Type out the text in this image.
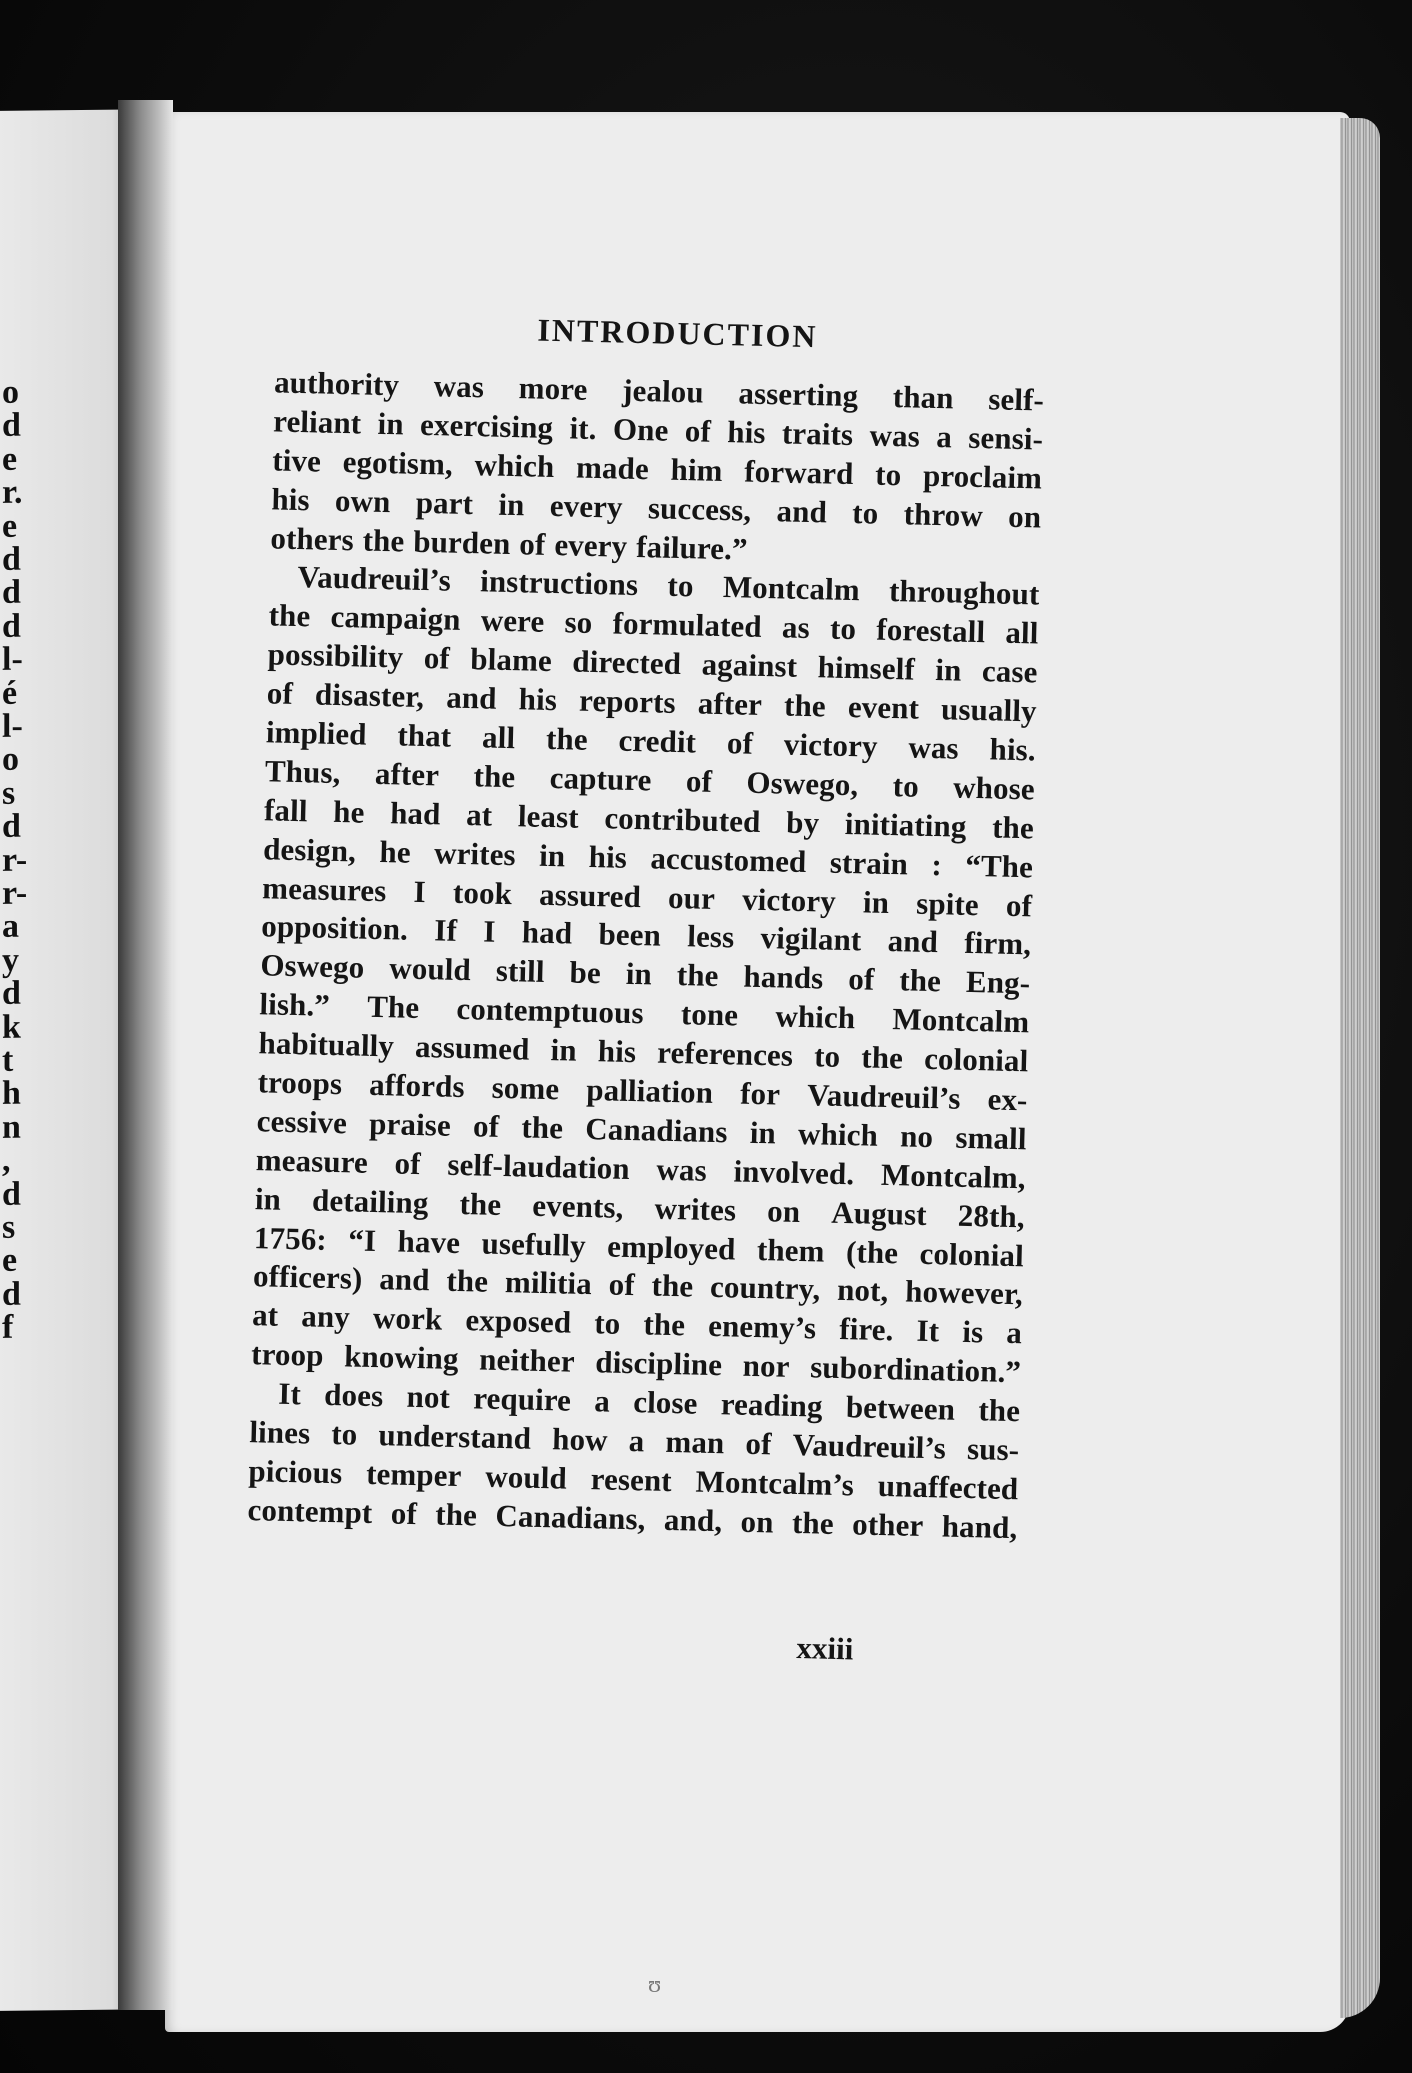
o
d
e
r.
e
d
d
d
l-
é
l-
o
s
d
r-
r-
a
y
d
k
t
h
n
,
d
s
e
d
f
INTRODUCTION
authority was more jealou asserting than self-
reliant in exercising it. One of his traits was a sensi-
tive egotism, which made him forward to proclaim
his own part in every success, and to throw on
others the burden of every failure.”
Vaudreuil’s instructions to Montcalm throughout
the campaign were so formulated as to forestall all
possibility of blame directed against himself in case
of disaster, and his reports after the event usually
implied that all the credit of victory was his.
Thus, after the capture of Oswego, to whose
fall he had at least contributed by initiating the
design, he writes in his accustomed strain : “The
measures I took assured our victory in spite of
opposition. If I had been less vigilant and firm,
Oswego would still be in the hands of the Eng-
lish.” The contemptuous tone which Montcalm
habitually assumed in his references to the colonial
troops affords some palliation for Vaudreuil’s ex-
cessive praise of the Canadians in which no small
measure of self-laudation was involved. Montcalm,
in detailing the events, writes on August 28th,
1756: “I have usefully employed them (the colonial
officers) and the militia of the country, not, however,
at any work exposed to the enemy’s fire. It is a
troop knowing neither discipline nor subordination.”
It does not require a close reading between the
lines to understand how a man of Vaudreuil’s sus-
picious temper would resent Montcalm’s unaffected
contempt of the Canadians, and, on the other hand,
xxiii
ʊ
